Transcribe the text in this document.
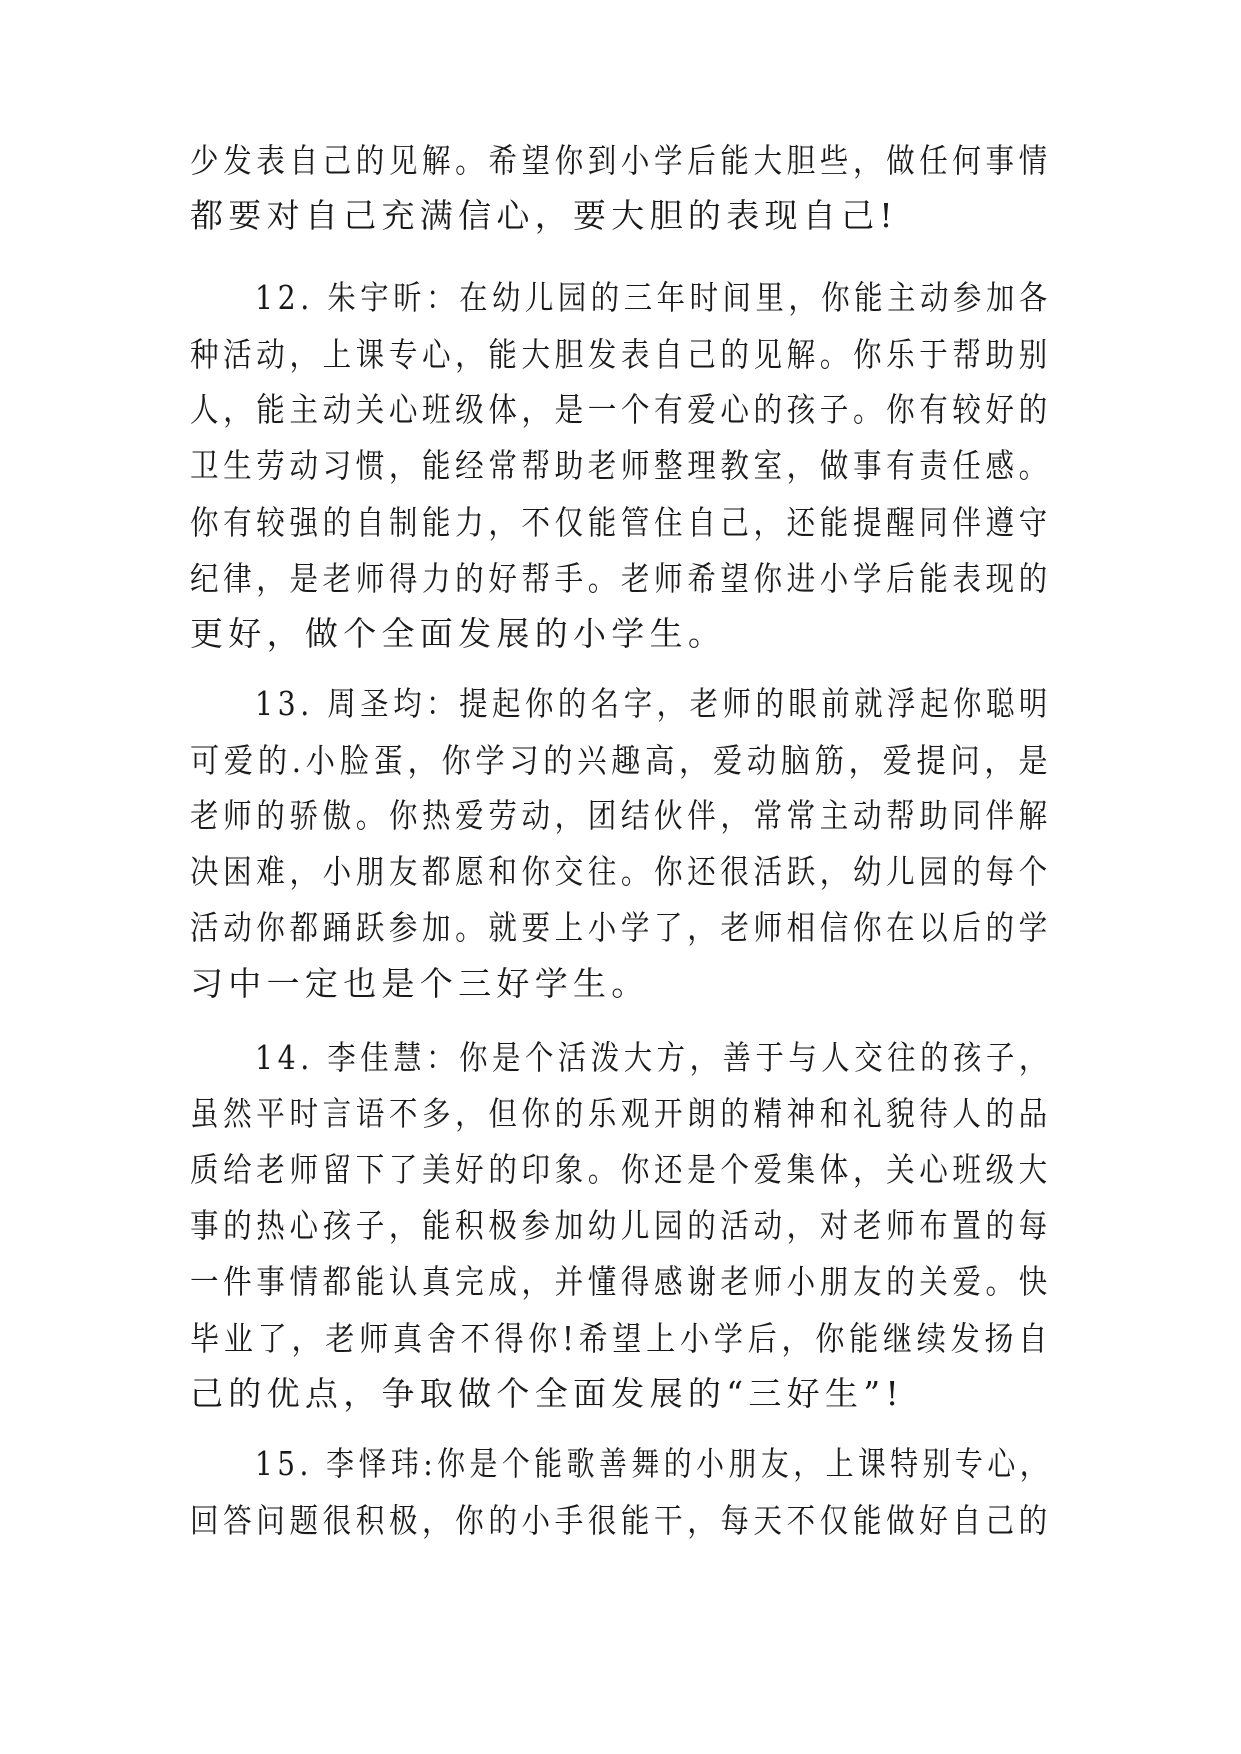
少发表自己的见解。希望你到小学后能大胆些，做任何事情
都要对自己充满信心，要大胆的表现自己!
12. 朱宇昕：在幼儿园的三年时间里，你能主动参加各
种活动，上课专心，能大胆发表自己的见解。你乐于帮助别
人，能主动关心班级体，是一个有爱心的孩子。你有较好的
卫生劳动习惯，能经常帮助老师整理教室，做事有责任感。
你有较强的自制能力，不仅能管住自己，还能提醒同伴遵守
纪律，是老师得力的好帮手。老师希望你进小学后能表现的
更好，做个全面发展的小学生。
13. 周圣均：提起你的名字，老师的眼前就浮起你聪明
可爱的.小脸蛋，你学习的兴趣高，爱动脑筋，爱提问，是
老师的骄傲。你热爱劳动，团结伙伴，常常主动帮助同伴解
决困难，小朋友都愿和你交往。你还很活跃，幼儿园的每个
活动你都踊跃参加。就要上小学了，老师相信你在以后的学
习中一定也是个三好学生。
14. 李佳慧：你是个活泼大方，善于与人交往的孩子，
虽然平时言语不多，但你的乐观开朗的精神和礼貌待人的品
质给老师留下了美好的印象。你还是个爱集体，关心班级大
事的热心孩子，能积极参加幼儿园的活动，对老师布置的每
一件事情都能认真完成，并懂得感谢老师小朋友的关爱。快
毕业了，老师真舍不得你!希望上小学后，你能继续发扬自
己的优点，争取做个全面发展的“三好生”!
15. 李怿玮:你是个能歌善舞的小朋友，上课特别专心，
回答问题很积极，你的小手很能干，每天不仅能做好自己的
